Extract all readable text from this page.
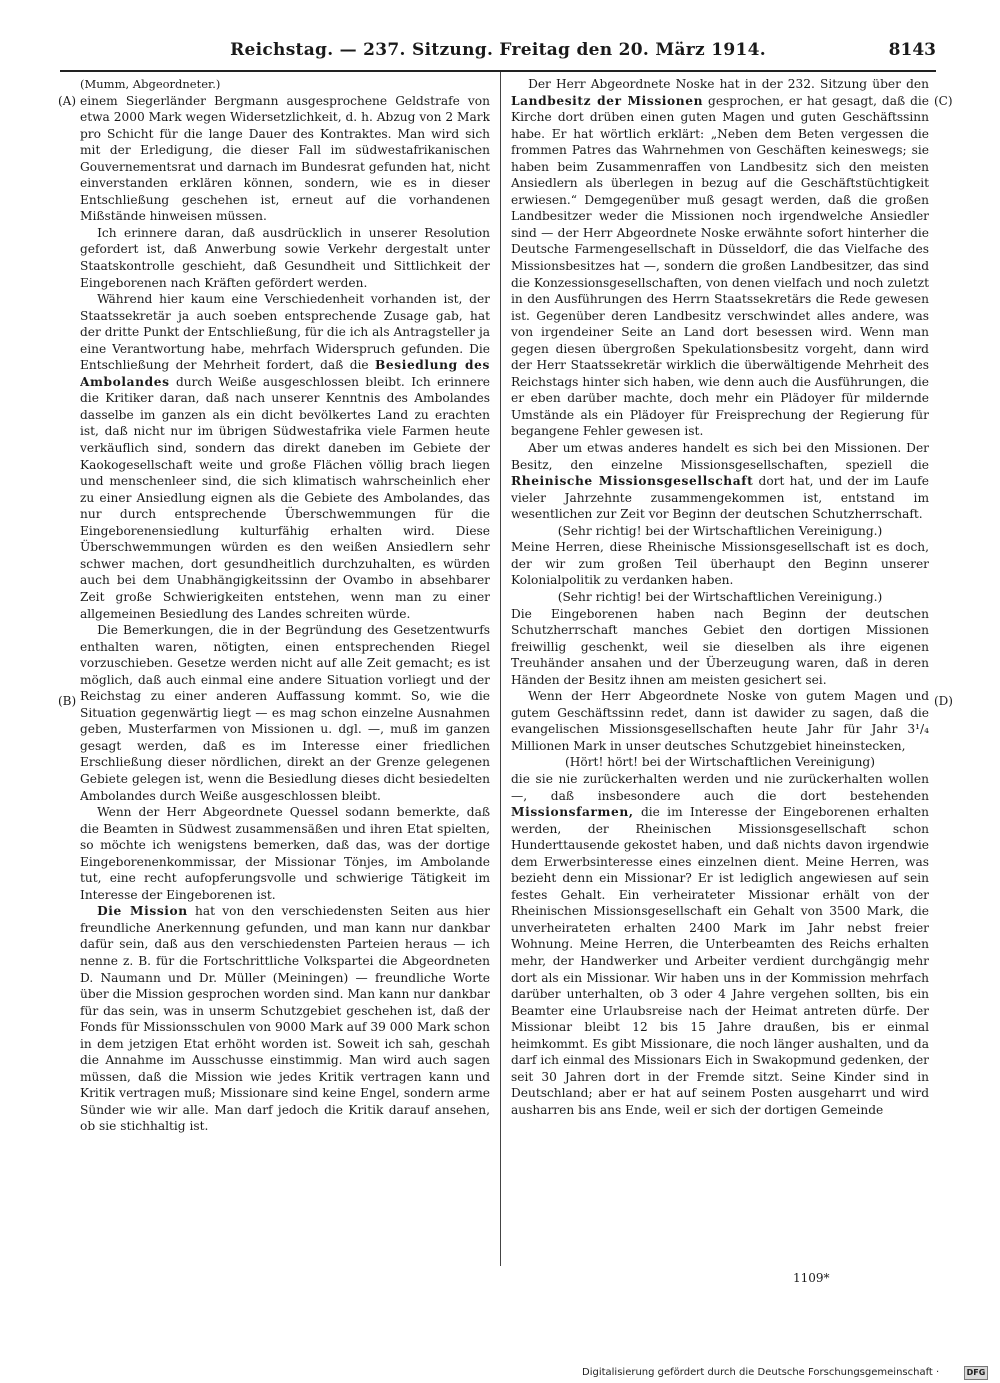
Reichstag. — 237. Sitzung. Freitag den 20. März 1914.	8143
(A)
(B)
(C)
(D)

(Mumm, Abgeordneter.)

einem Siegerländer Bergmann ausgesprochene Geldstrafe von etwa 2000 Mark wegen Widersetzlichkeit, d. h. Abzug von 2 Mark pro Schicht für die lange Dauer des Kontraktes. Man wird sich mit der Erledigung, die dieser Fall im südwestafrikanischen Gouvernementsrat und darnach im Bundesrat gefunden hat, nicht einverstanden erklären können, sondern, wie es in dieser Entschließung geschehen ist, erneut auf die vorhandenen Mißstände hinweisen müssen.

Ich erinnere daran, daß ausdrücklich in unserer Resolution gefordert ist, daß Anwerbung sowie Verkehr dergestalt unter Staatskontrolle geschieht, daß Gesundheit und Sittlichkeit der Eingeborenen nach Kräften gefördert werden.

Während hier kaum eine Verschiedenheit vorhanden ist, der Staatssekretär ja auch soeben entsprechende Zusage gab, hat der dritte Punkt der Entschließung, für die ich als Antragsteller ja eine Verantwortung habe, mehrfach Widerspruch gefunden. Die Entschließung der Mehrheit fordert, daß die Besiedlung des Ambolandes durch Weiße ausgeschlossen bleibt. Ich erinnere die Kritiker daran, daß nach unserer Kenntnis des Ambolandes dasselbe im ganzen als ein dicht bevölkertes Land zu erachten ist, daß nicht nur im übrigen Südwestafrika viele Farmen heute verkäuflich sind, sondern das direkt daneben im Gebiete der Kaokogesellschaft weite und große Flächen völlig brach liegen und menschenleer sind, die sich klimatisch wahrscheinlich eher zu einer Ansiedlung eignen als die Gebiete des Ambolandes, das nur durch entsprechende Überschwemmungen für die Eingeborenensiedlung kulturfähig erhalten wird. Diese Überschwemmungen würden es den weißen Ansiedlern sehr schwer machen, dort gesundheitlich durchzuhalten, es würden auch bei dem Unabhängigkeitssinn der Ovambo in absehbarer Zeit große Schwierigkeiten entstehen, wenn man zu einer allgemeinen Besiedlung des Landes schreiten würde.

Die Bemerkungen, die in der Begründung des Gesetzentwurfs enthalten waren, nötigten, einen entsprechenden Riegel vorzuschieben. Gesetze werden nicht auf alle Zeit gemacht; es ist möglich, daß auch einmal eine andere Situation vorliegt und der Reichstag zu einer anderen Auffassung kommt. So, wie die Situation gegenwärtig liegt — es mag schon einzelne Ausnahmen geben, Musterfarmen von Missionen u. dgl. —, muß im ganzen gesagt werden, daß es im Interesse einer friedlichen Erschließung dieser nördlichen, direkt an der Grenze gelegenen Gebiete gelegen ist, wenn die Besiedlung dieses dicht besiedelten Ambolandes durch Weiße ausgeschlossen bleibt.

Wenn der Herr Abgeordnete Quessel sodann bemerkte, daß die Beamten in Südwest zusammensäßen und ihren Etat spielten, so möchte ich wenigstens bemerken, daß das, was der dortige Eingeborenenkommissar, der Missionar Tönjes, im Ambolande tut, eine recht aufopferungsvolle und schwierige Tätigkeit im Interesse der Eingeborenen ist.

Die Mission hat von den verschiedensten Seiten aus hier freundliche Anerkennung gefunden, und man kann nur dankbar dafür sein, daß aus den verschiedensten Parteien heraus — ich nenne z. B. für die Fortschrittliche Volkspartei die Abgeordneten D. Naumann und Dr. Müller (Meiningen) — freundliche Worte über die Mission gesprochen worden sind. Man kann nur dankbar für das sein, was in unserm Schutzgebiet geschehen ist, daß der Fonds für Missionsschulen von 9000 Mark auf 39 000 Mark schon in dem jetzigen Etat erhöht worden ist. Soweit ich sah, geschah die Annahme im Ausschusse einstimmig. Man wird auch sagen müssen, daß die Mission wie jedes Kritik vertragen kann und Kritik vertragen muß; Missionare sind keine Engel, sondern arme Sünder wie wir alle. Man darf jedoch die Kritik darauf ansehen, ob sie stichhaltig ist.

Der Herr Abgeordnete Noske hat in der 232. Sitzung über den Landbesitz der Missionen gesprochen, er hat gesagt, daß die Kirche dort drüben einen guten Magen und guten Geschäftssinn habe. Er hat wörtlich erklärt: „Neben dem Beten vergessen die frommen Patres das Wahrnehmen von Geschäften keineswegs; sie haben beim Zusammenraffen von Landbesitz sich den meisten Ansiedlern als überlegen in bezug auf die Geschäftstüchtigkeit erwiesen.“ Demgegenüber muß gesagt werden, daß die großen Landbesitzer weder die Missionen noch irgendwelche Ansiedler sind — der Herr Abgeordnete Noske erwähnte sofort hinterher die Deutsche Farmengesellschaft in Düsseldorf, die das Vielfache des Missionsbesitzes hat —, sondern die großen Landbesitzer, das sind die Konzessionsgesellschaften, von denen vielfach und noch zuletzt in den Ausführungen des Herrn Staatssekretärs die Rede gewesen ist. Gegenüber deren Landbesitz verschwindet alles andere, was von irgendeiner Seite an Land dort besessen wird. Wenn man gegen diesen übergroßen Spekulationsbesitz vorgeht, dann wird der Herr Staatssekretär wirklich die überwältigende Mehrheit des Reichstags hinter sich haben, wie denn auch die Ausführungen, die er eben darüber machte, doch mehr ein Plädoyer für mildernde Umstände als ein Plädoyer für Freisprechung der Regierung für begangene Fehler gewesen ist.

Aber um etwas anderes handelt es sich bei den Missionen. Der Besitz, den einzelne Missionsgesellschaften, speziell die Rheinische Missionsgesellschaft dort hat, und der im Laufe vieler Jahrzehnte zusammengekommen ist, entstand im wesentlichen zur Zeit vor Beginn der deutschen Schutzherrschaft.

(Sehr richtig! bei der Wirtschaftlichen Vereinigung.)

Meine Herren, diese Rheinische Missionsgesellschaft ist es doch, der wir zum großen Teil überhaupt den Beginn unserer Kolonialpolitik zu verdanken haben.

(Sehr richtig! bei der Wirtschaftlichen Vereinigung.)

Die Eingeborenen haben nach Beginn der deutschen Schutzherrschaft manches Gebiet den dortigen Missionen freiwillig geschenkt, weil sie dieselben als ihre eigenen Treuhänder ansahen und der Überzeugung waren, daß in deren Händen der Besitz ihnen am meisten gesichert sei.

Wenn der Herr Abgeordnete Noske von gutem Magen und gutem Geschäftssinn redet, dann ist dawider zu sagen, daß die evangelischen Missionsgesellschaften heute Jahr für Jahr 3¹/₄ Millionen Mark in unser deutsches Schutzgebiet hineinstecken,

(Hört! hört! bei der Wirtschaftlichen Vereinigung)

die sie nie zurückerhalten werden und nie zurückerhalten wollen —, daß insbesondere auch die dort bestehenden Missionsfarmen, die im Interesse der Eingeborenen erhalten werden, der Rheinischen Missionsgesellschaft schon Hunderttausende gekostet haben, und daß nichts davon irgendwie dem Erwerbsinteresse eines einzelnen dient. Meine Herren, was bezieht denn ein Missionar? Er ist lediglich angewiesen auf sein festes Gehalt. Ein verheirateter Missionar erhält von der Rheinischen Missionsgesellschaft ein Gehalt von 3500 Mark, die unverheirateten erhalten 2400 Mark im Jahr nebst freier Wohnung. Meine Herren, die Unterbeamten des Reichs erhalten mehr, der Handwerker und Arbeiter verdient durchgängig mehr dort als ein Missionar. Wir haben uns in der Kommission mehrfach darüber unterhalten, ob 3 oder 4 Jahre vergehen sollten, bis ein Beamter eine Urlaubsreise nach der Heimat antreten dürfe. Der Missionar bleibt 12 bis 15 Jahre draußen, bis er einmal heimkommt. Es gibt Missionare, die noch länger aushalten, und da darf ich einmal des Missionars Eich in Swakopmund gedenken, der seit 30 Jahren dort in der Fremde sitzt. Seine Kinder sind in Deutschland; aber er hat auf seinem Posten ausgeharrt und wird ausharren bis ans Ende, weil er sich der dortigen Gemeinde

1109*
Digitalisierung gefördert durch die Deutsche Forschungsgemeinschaft ·	DFG
